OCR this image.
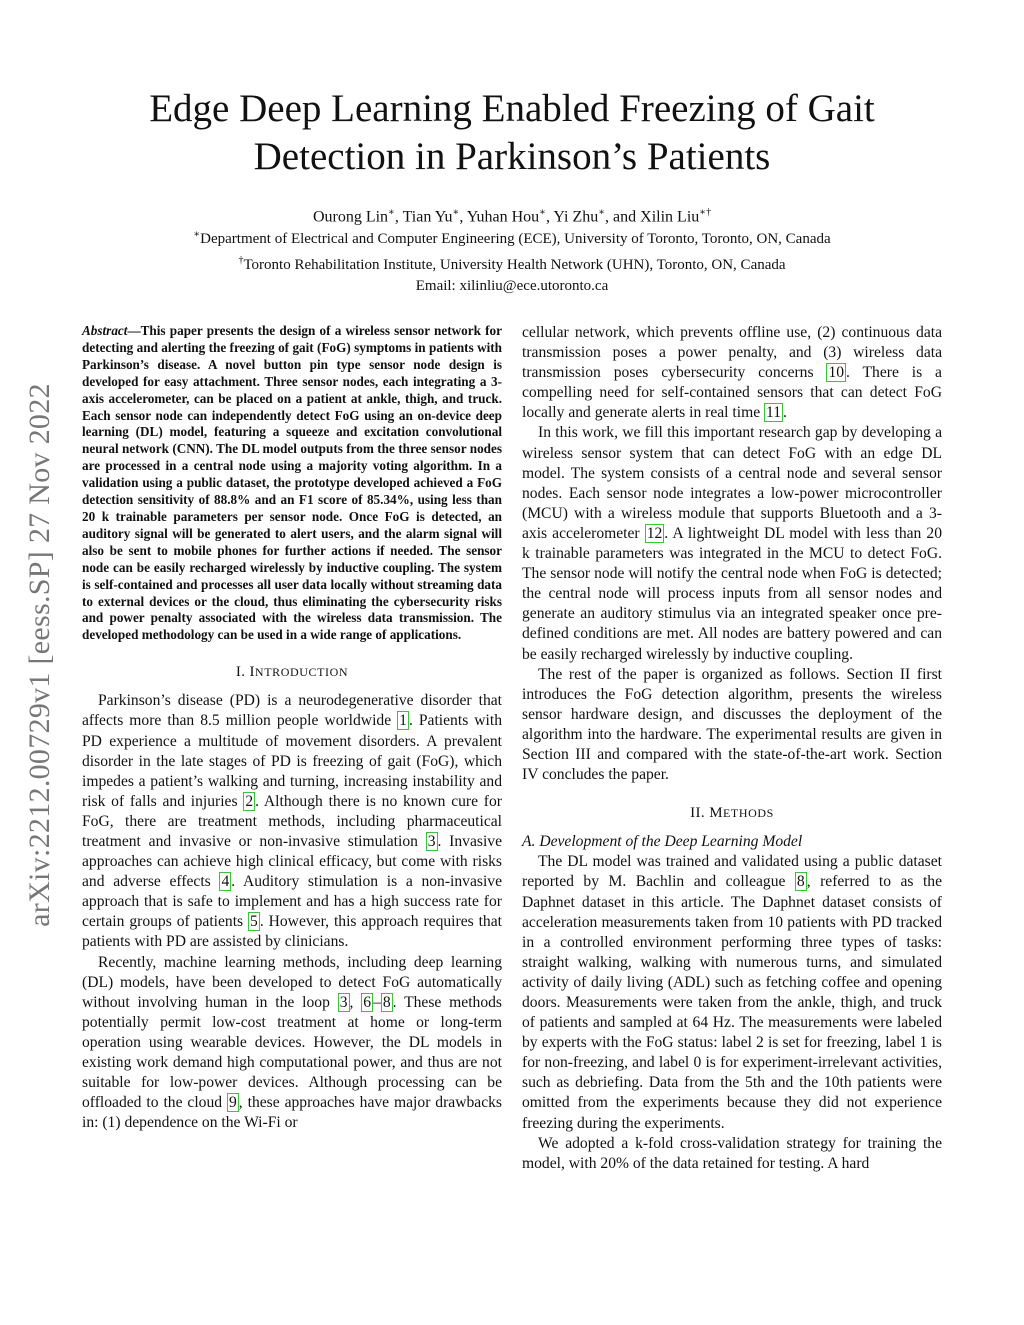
arXiv:2212.00729v1 [eess.SP] 27 Nov 2022
Edge Deep Learning Enabled Freezing of Gait
Detection in Parkinson’s Patients
Ourong Lin∗, Tian Yu∗, Yuhan Hou∗, Yi Zhu∗, and Xilin Liu∗†
∗Department of Electrical and Computer Engineering (ECE), University of Toronto, Toronto, ON, Canada
†Toronto Rehabilitation Institute, University Health Network (UHN), Toronto, ON, Canada
Email: xilinliu@ece.utoronto.ca

Abstract—This paper presents the design of a wireless sensor network for detecting and alerting the freezing of gait (FoG) symptoms in patients with Parkinson’s disease. A novel button pin type sensor node design is developed for easy attachment. Three sensor nodes, each integrating a 3-axis accelerometer, can be placed on a patient at ankle, thigh, and truck. Each sensor node can independently detect FoG using an on-device deep learning (DL) model, featuring a squeeze and excitation convolutional neural network (CNN). The DL model outputs from the three sensor nodes are processed in a central node using a majority voting algorithm. In a validation using a public dataset, the prototype developed achieved a FoG detection sensitivity of 88.8% and an F1 score of 85.34%, using less than 20 k trainable parameters per sensor node. Once FoG is detected, an auditory signal will be generated to alert users, and the alarm signal will also be sent to mobile phones for further actions if needed. The sensor node can be easily recharged wirelessly by inductive coupling. The system is self-contained and processes all user data locally without streaming data to external devices or the cloud, thus eliminating the cybersecurity risks and power penalty associated with the wireless data transmission. The developed methodology can be used in a wide range of applications.

I. INTRODUCTION

Parkinson’s disease (PD) is a neurodegenerative disorder that affects more than 8.5 million people worldwide 1 . Patients with PD experience a multitude of movement disorders. A prevalent disorder in the late stages of PD is freezing of gait (FoG), which impedes a patient’s walking and turning, increasing instability and risk of falls and injuries 2 . Although there is no known cure for FoG, there are treatment methods, including pharmaceutical treatment and invasive or non-invasive stimulation 3 . Invasive approaches can achieve high clinical efficacy, but come with risks and adverse effects 4 . Auditory stimulation is a non-invasive approach that is safe to implement and has a high success rate for certain groups of patients 5 . However, this approach requires that patients with PD are assisted by clinicians.

Recently, machine learning methods, including deep learning (DL) models, have been developed to detect FoG automatically without involving human in the loop 3 , 6 – 8 . These methods potentially permit low-cost treatment at home or long-term operation using wearable devices. However, the DL models in existing work demand high computational power, and thus are not suitable for low-power devices. Although processing can be offloaded to the cloud 9 , these approaches have major drawbacks in: (1) dependence on the Wi-Fi or

cellular network, which prevents offline use, (2) continuous data transmission poses a power penalty, and (3) wireless data transmission poses cybersecurity concerns 10 . There is a compelling need for self-contained sensors that can detect FoG locally and generate alerts in real time 11 .

In this work, we fill this important research gap by developing a wireless sensor system that can detect FoG with an edge DL model. The system consists of a central node and several sensor nodes. Each sensor node integrates a low-power microcontroller (MCU) with a wireless module that supports Bluetooth and a 3-axis accelerometer 12 . A lightweight DL model with less than 20 k trainable parameters was integrated in the MCU to detect FoG. The sensor node will notify the central node when FoG is detected; the central node will process inputs from all sensor nodes and generate an auditory stimulus via an integrated speaker once pre-defined conditions are met. All nodes are battery powered and can be easily recharged wirelessly by inductive coupling.

The rest of the paper is organized as follows. Section II first introduces the FoG detection algorithm, presents the wireless sensor hardware design, and discusses the deployment of the algorithm into the hardware. The experimental results are given in Section III and compared with the state-of-the-art work. Section IV concludes the paper.

II. METHODS

A. Development of the Deep Learning Model

The DL model was trained and validated using a public dataset reported by M. Bachlin and colleague 8 , referred to as the Daphnet dataset in this article. The Daphnet dataset consists of acceleration measurements taken from 10 patients with PD tracked in a controlled environment performing three types of tasks: straight walking, walking with numerous turns, and simulated activity of daily living (ADL) such as fetching coffee and opening doors. Measurements were taken from the ankle, thigh, and truck of patients and sampled at 64 Hz. The measurements were labeled by experts with the FoG status: label 2 is set for freezing, label 1 is for non-freezing, and label 0 is for experiment-irrelevant activities, such as debriefing. Data from the 5th and the 10th patients were omitted from the experiments because they did not experience freezing during the experiments.

We adopted a k-fold cross-validation strategy for training the model, with 20% of the data retained for testing. A hard
